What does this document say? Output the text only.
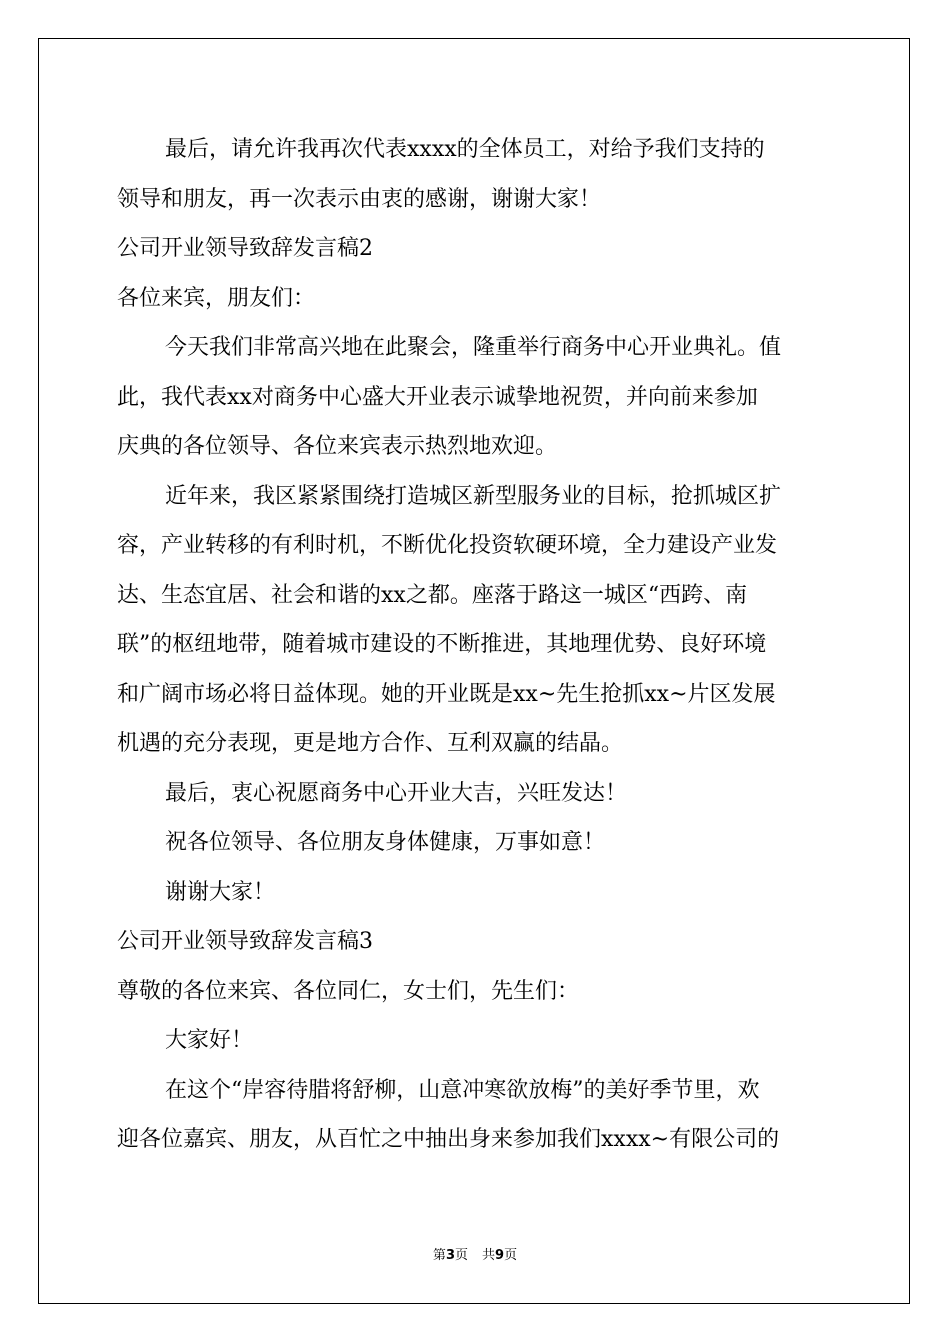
最后，请允许我再次代表xxxx的全体员工，对给予我们支持的
领导和朋友，再一次表示由衷的感谢，谢谢大家！
公司开业领导致辞发言稿2
各位来宾，朋友们：
今天我们非常高兴地在此聚会，隆重举行商务中心开业典礼。值
此，我代表xx对商务中心盛大开业表示诚挚地祝贺，并向前来参加
庆典的各位领导、各位来宾表示热烈地欢迎。
近年来，我区紧紧围绕打造城区新型服务业的目标，抢抓城区扩
容，产业转移的有利时机，不断优化投资软硬环境，全力建设产业发
达、生态宜居、社会和谐的xx之都。座落于路这一城区“西跨、南
联”的枢纽地带，随着城市建设的不断推进，其地理优势、良好环境
和广阔市场必将日益体现。她的开业既是xx~先生抢抓xx~片区发展
机遇的充分表现，更是地方合作、互利双赢的结晶。
最后，衷心祝愿商务中心开业大吉，兴旺发达！
祝各位领导、各位朋友身体健康，万事如意！
谢谢大家！
公司开业领导致辞发言稿3
尊敬的各位来宾、各位同仁，女士们，先生们：
大家好！
在这个“岸容待腊将舒柳，山意冲寒欲放梅”的美好季节里，欢
迎各位嘉宾、朋友，从百忙之中抽出身来参加我们xxxx~有限公司的
第3页 共9页
